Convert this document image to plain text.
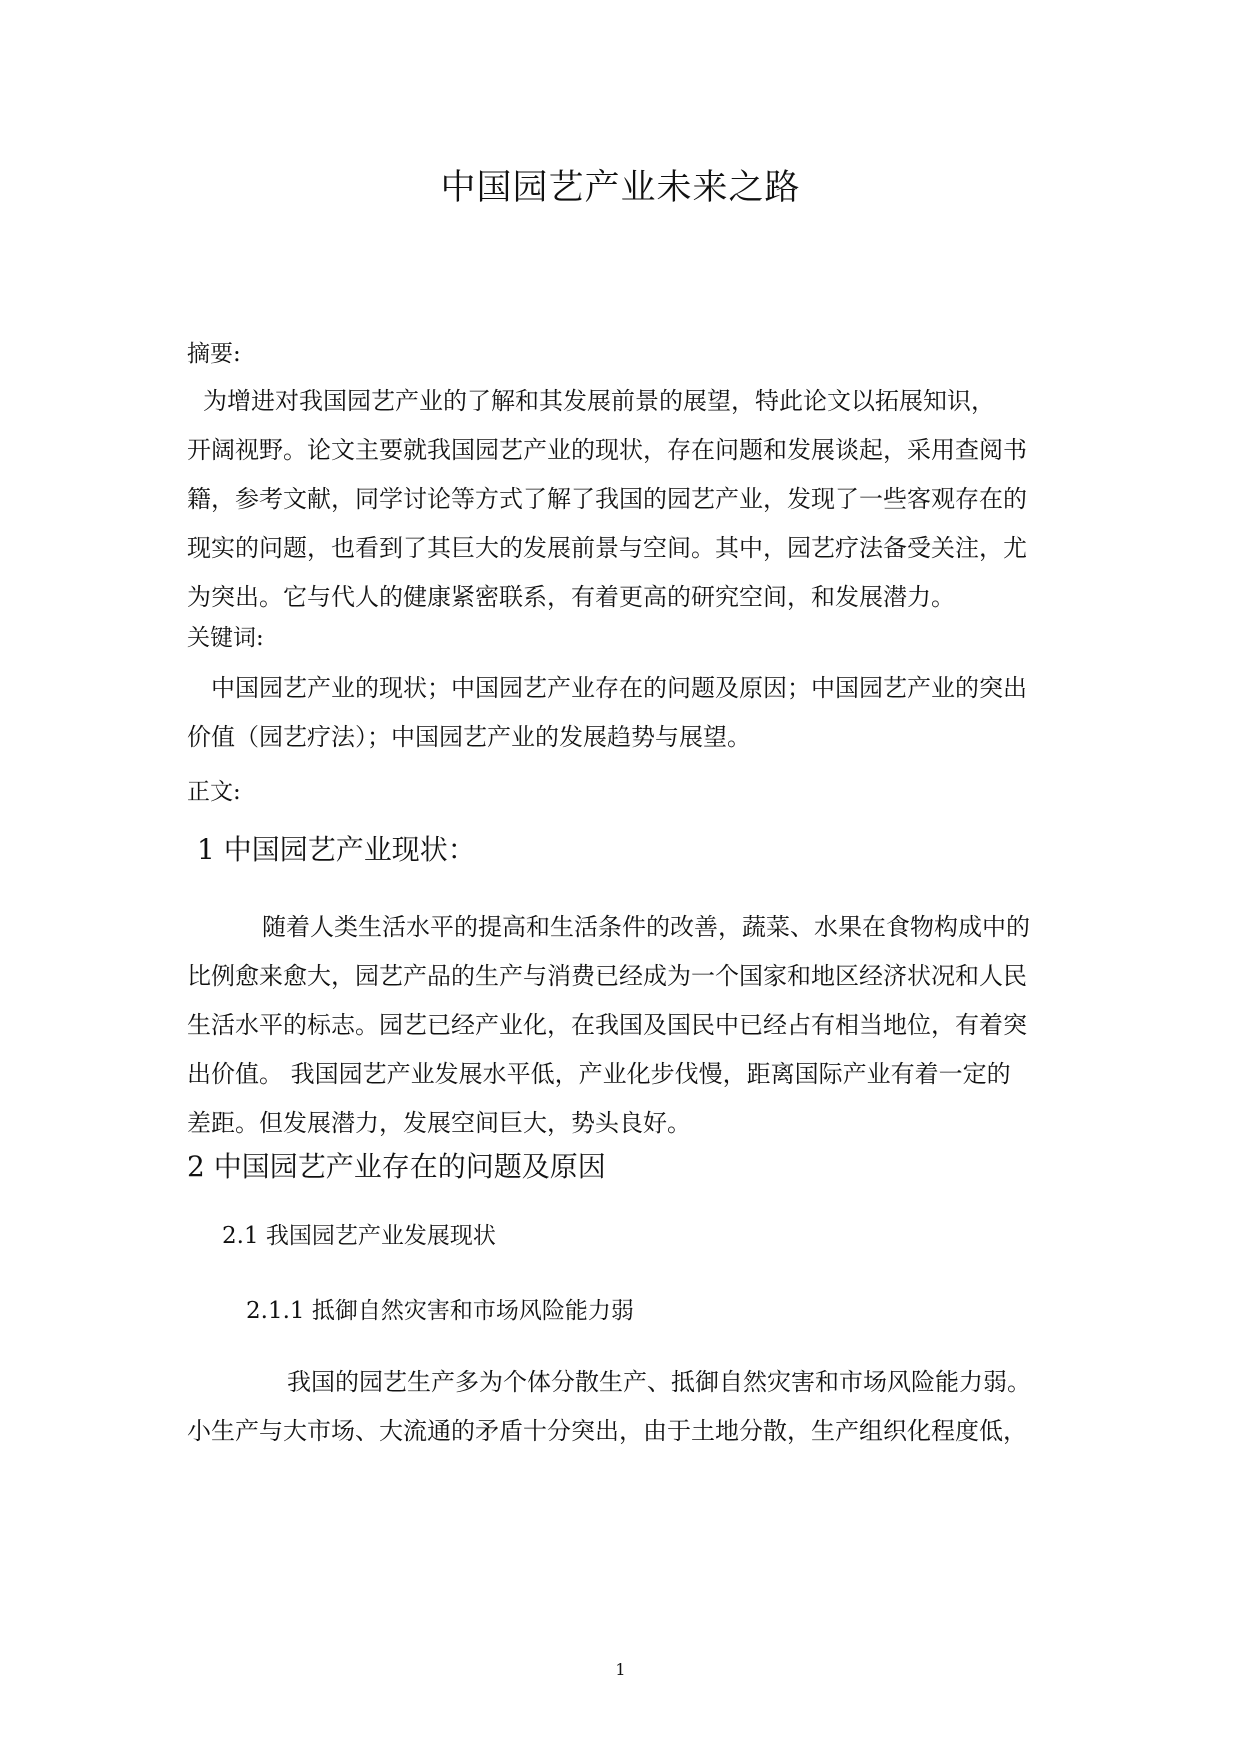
中国园艺产业未来之路
摘要:

为增进对我国园艺产业的了解和其发展前景的展望，特此论文以拓展知识，

开阔视野。论文主要就我国园艺产业的现状，存在问题和发展谈起，采用查阅书

籍，参考文献，同学讨论等方式了解了我国的园艺产业，发现了一些客观存在的

现实的问题，也看到了其巨大的发展前景与空间。其中，园艺疗法备受关注，尤

为突出。它与代人的健康紧密联系，有着更高的研究空间，和发展潜力。

关键词:

中国园艺产业的现状；中国园艺产业存在的问题及原因；中国园艺产业的突出

价值（园艺疗法）；中国园艺产业的发展趋势与展望。

正文:
1 中国园艺产业现状：

随着人类生活水平的提高和生活条件的改善，蔬菜、水果在食物构成中的

比例愈来愈大，园艺产品的生产与消费已经成为一个国家和地区经济状况和人民

生活水平的标志。园艺已经产业化，在我国及国民中已经占有相当地位，有着突

出价值。 我国园艺产业发展水平低，产业化步伐慢，距离国际产业有着一定的

差距。但发展潜力，发展空间巨大，势头良好。

2 中国园艺产业存在的问题及原因
2.1 我国园艺产业发展现状
2.1.1 抵御自然灾害和市场风险能力弱

我国的园艺生产多为个体分散生产、抵御自然灾害和市场风险能力弱。

小生产与大市场、大流通的矛盾十分突出，由于土地分散，生产组织化程度低，

1
